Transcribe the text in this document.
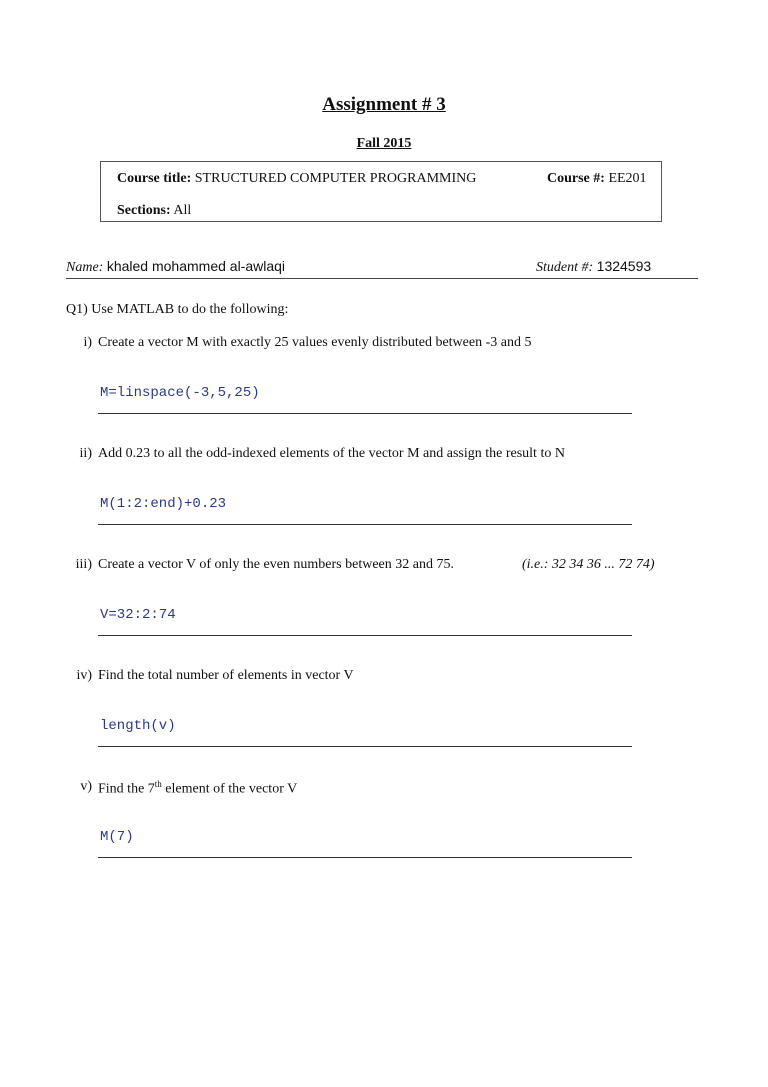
Assignment # 3
Fall 2015
Course title: STRUCTURED COMPUTER PROGRAMMING	Course #: EE201
Sections: All
Name: khaled mohammed al-awlaqi	Student #: 1324593
Q1) Use MATLAB to do the following:
i) Create a vector M with exactly 25 values evenly distributed between -3 and 5
M=linspace(-3,5,25)
ii) Add 0.23 to all the odd-indexed elements of the vector M and assign the result to N
M(1:2:end)+0.23
iii) Create a vector V of only the even numbers between 32 and 75.	(i.e.: 32 34 36 ... 72 74)
V=32:2:74
iv) Find the total number of elements in vector V
length(v)
v) Find the 7th element of the vector V
M(7)
